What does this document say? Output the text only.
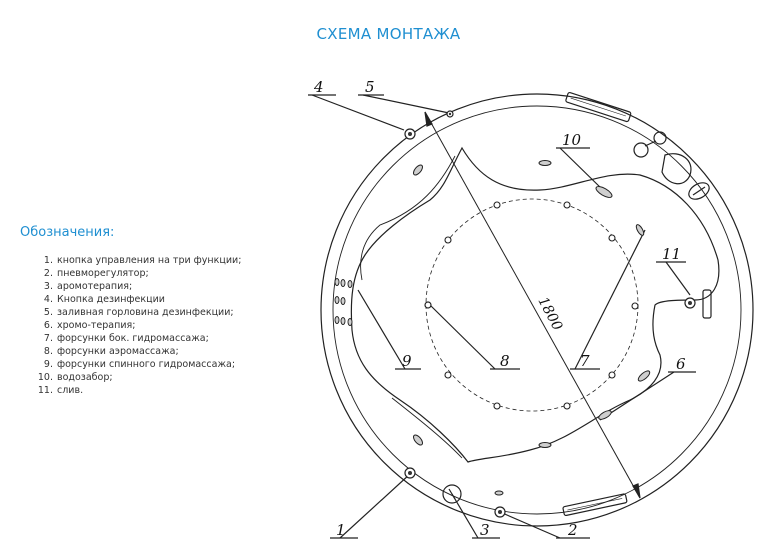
СХЕМА МОНТАЖА
Обозначения:
1. кнопка управления на три функции;
2. пневморегулятор;
3. аромотерапия;
4. Кнопка дезинфекции
5. заливная горловина дезинфекции;
6. хромо-терапия;
7. форсунки бок. гидромассажа;
8. форсунки аэромассажа;
9. форсунки спинного гидромассажа;
10. водозабор;
11. слив.
1800
4	5
10
11
9	8	7	6
1	2
3
